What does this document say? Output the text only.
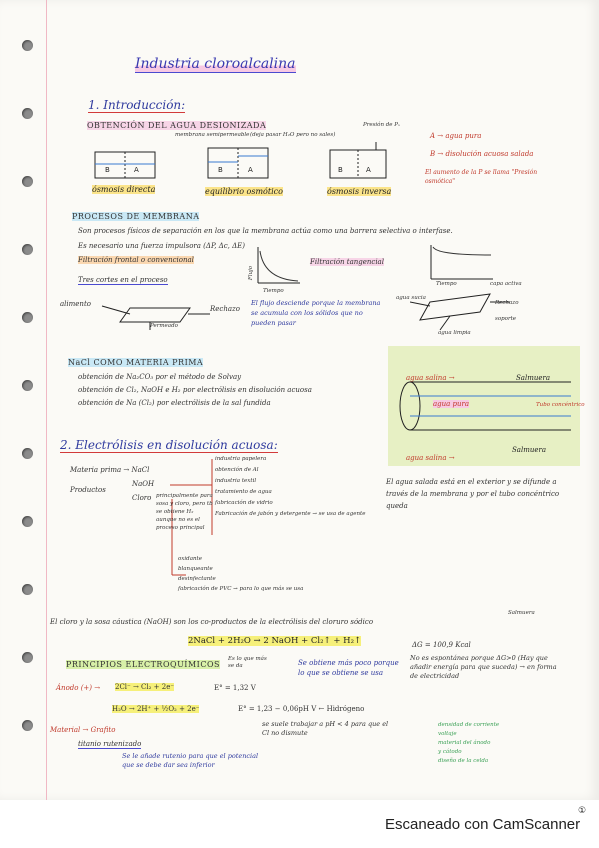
Industria cloroalcalina
1. Introducción:
OBTENCIÓN DEL AGUA DESIONIZADA
membrana semipermeable (deja pasar H₂O pero no sales)
Presión de Pₓ
B	A	B	A	B	A
ósmosis directa	equilibrio osmótico	ósmosis inversa
A → agua pura
B → disolución acuosa salada
El aumento de la P se llama "Presión osmótica"
PROCESOS DE MEMBRANA
Son procesos físicos de separación en los que la membrana actúa como una barrera selectiva o interfase.
Es necesario una fuerza impulsora (ΔP, Δc, ΔE)
Filtración frontal o convencional	Filtración tangencial
Tres cortes en el proceso	Flujo
Tiempo
Tiempo
alimento
Rechazo
Permeado
El flujo desciende porque la membrana se acumula con los sólidos que no pueden pasar
agua sucia
capa activa
Rechazo
soporte
agua limpia
NaCl COMO MATERIA PRIMA
obtención de Na₂CO₃ por el método de Solvay
obtención de Cl₂, NaOH e H₂ por electrólisis en disolución acuosa
obtención de Na (Cl₂) por electrólisis de la sal fundida
agua salina →	Salmuera
agua pura	Tubo concéntrico
agua salina →
Salmuera
El agua salada está en el exterior y se difunde a través de la membrana y por el tubo concéntrico queda
2. Electrólisis en disolución acuosa:
Materia prima → NaCl
Productos
NaOH
Cloro
industria papelera
obtención de Al
industria textil
tratamiento de agua
fabricación de vidrio
Fabricación de jabón y detergente → se usa de agente
principalmente para sosa y cloro, pero tb se obtiene H₂ aunque no es el proceso principal
oxidante
blanqueante
desinfectante
fabricación de PVC → para lo que más se usa
El cloro y la sosa cáustica (NaOH) son los co-productos de la electrólisis del cloruro sódico
Salmuera
2NaCl + 2H₂O → 2 NaOH + Cl₂↑ + H₂↑	ΔG = 100,9 Kcal
No es espontánea porque ΔG>0 (Hay que añadir energía para que suceda) → en forma de electricidad
PRINCIPIOS ELECTROQUÍMICOS
Es lo que más se da
Ánodo (+) → 2Cl⁻ → Cl₂ + 2e⁻	E° = 1,32 V
H₂O → 2H⁺ + ½O₂ + 2e⁻	E° = 1,23 − 0,06pH V ← Hidrógeno
Se obtiene más poco porque lo que se obtiene se usa
se suele trabajar a pH < 4 para que el Cl no dismute
Material → Grafito
titanio rutenizado
Se le añade rutenio para que el potencial que se debe dar sea inferior
densidad de corriente
voltaje
material del ánodo
y cátodo
diseño de la celda
①
Escaneado con CamScanner
